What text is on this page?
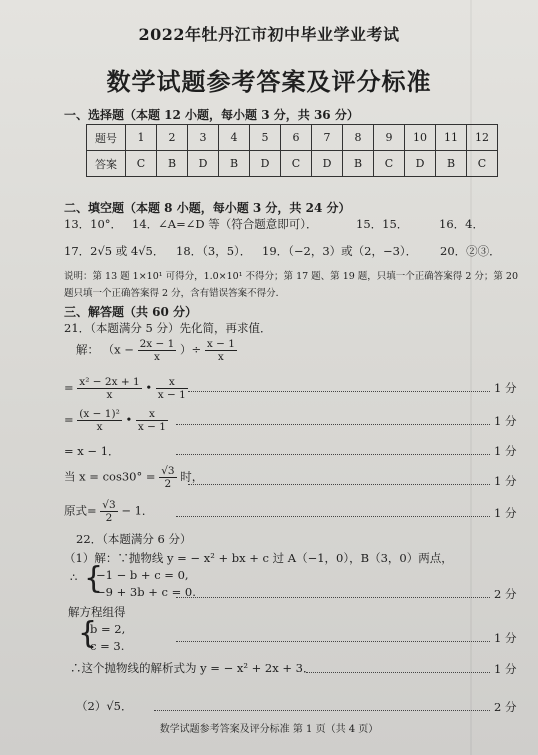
2022年牡丹江市初中毕业学业考试
数学试题参考答案及评分标准
一、选择题（本题 12 小题，每小题 3 分，共 36 分）
题号	1	2	3	4	5	6	7	8	9	10	11	12
答案	C	B	D	B	D	C	D	B	C	D	B	C
二、填空题（本题 8 小题，每小题 3 分，共 24 分）
13．10°． 14．∠A=∠D 等（符合题意即可）．	15．15．	16．4．
17．2√5 或 4√5． 18．（3，5）． 19．（−2，3）或（2，−3）． 20．②③．
说明：第 13 题 1×10¹ 可得分，1.0×10¹ 不得分；第 17 题、第 19 题，只填一个正确答案得 2 分；第 20
题只填一个正确答案得 2 分，含有错误答案不得分．
三、解答题（共 60 分）
21．（本题满分 5 分）先化简，再求值．
解： （$x - \frac{2x - 1}{x}$ ）÷ $\frac{x - 1}{x}$
= $\frac{\text{x² − 2x + 1}}{x}$ • $\frac{x}{x - 1}$	1 分
= $\frac{\text{(x − 1)²}}{x}$ • $\frac{x}{x - 1}$	1 分
= x − 1．	1 分
当 $x = \cos 30^\circ = \frac{√3}{2}$ 时，	1 分
原式= $\frac{√3}{2} - 1$．	1 分
22．（本题满分 6 分）
（1）解：∵抛物线 y = − x² + bx + c 过 A（−1，0），B（3，0）两点，
∴ {
−1 − b + c = 0,
−9 + 3b + c = 0.	2 分
解方程组得
{
b = 2,
c = 3.
1 分
∴这个抛物线的解析式为 y = − x² + 2x + 3．	1 分
（2）√5．	2 分
数学试题参考答案及评分标准 第 1 页（共 4 页）
